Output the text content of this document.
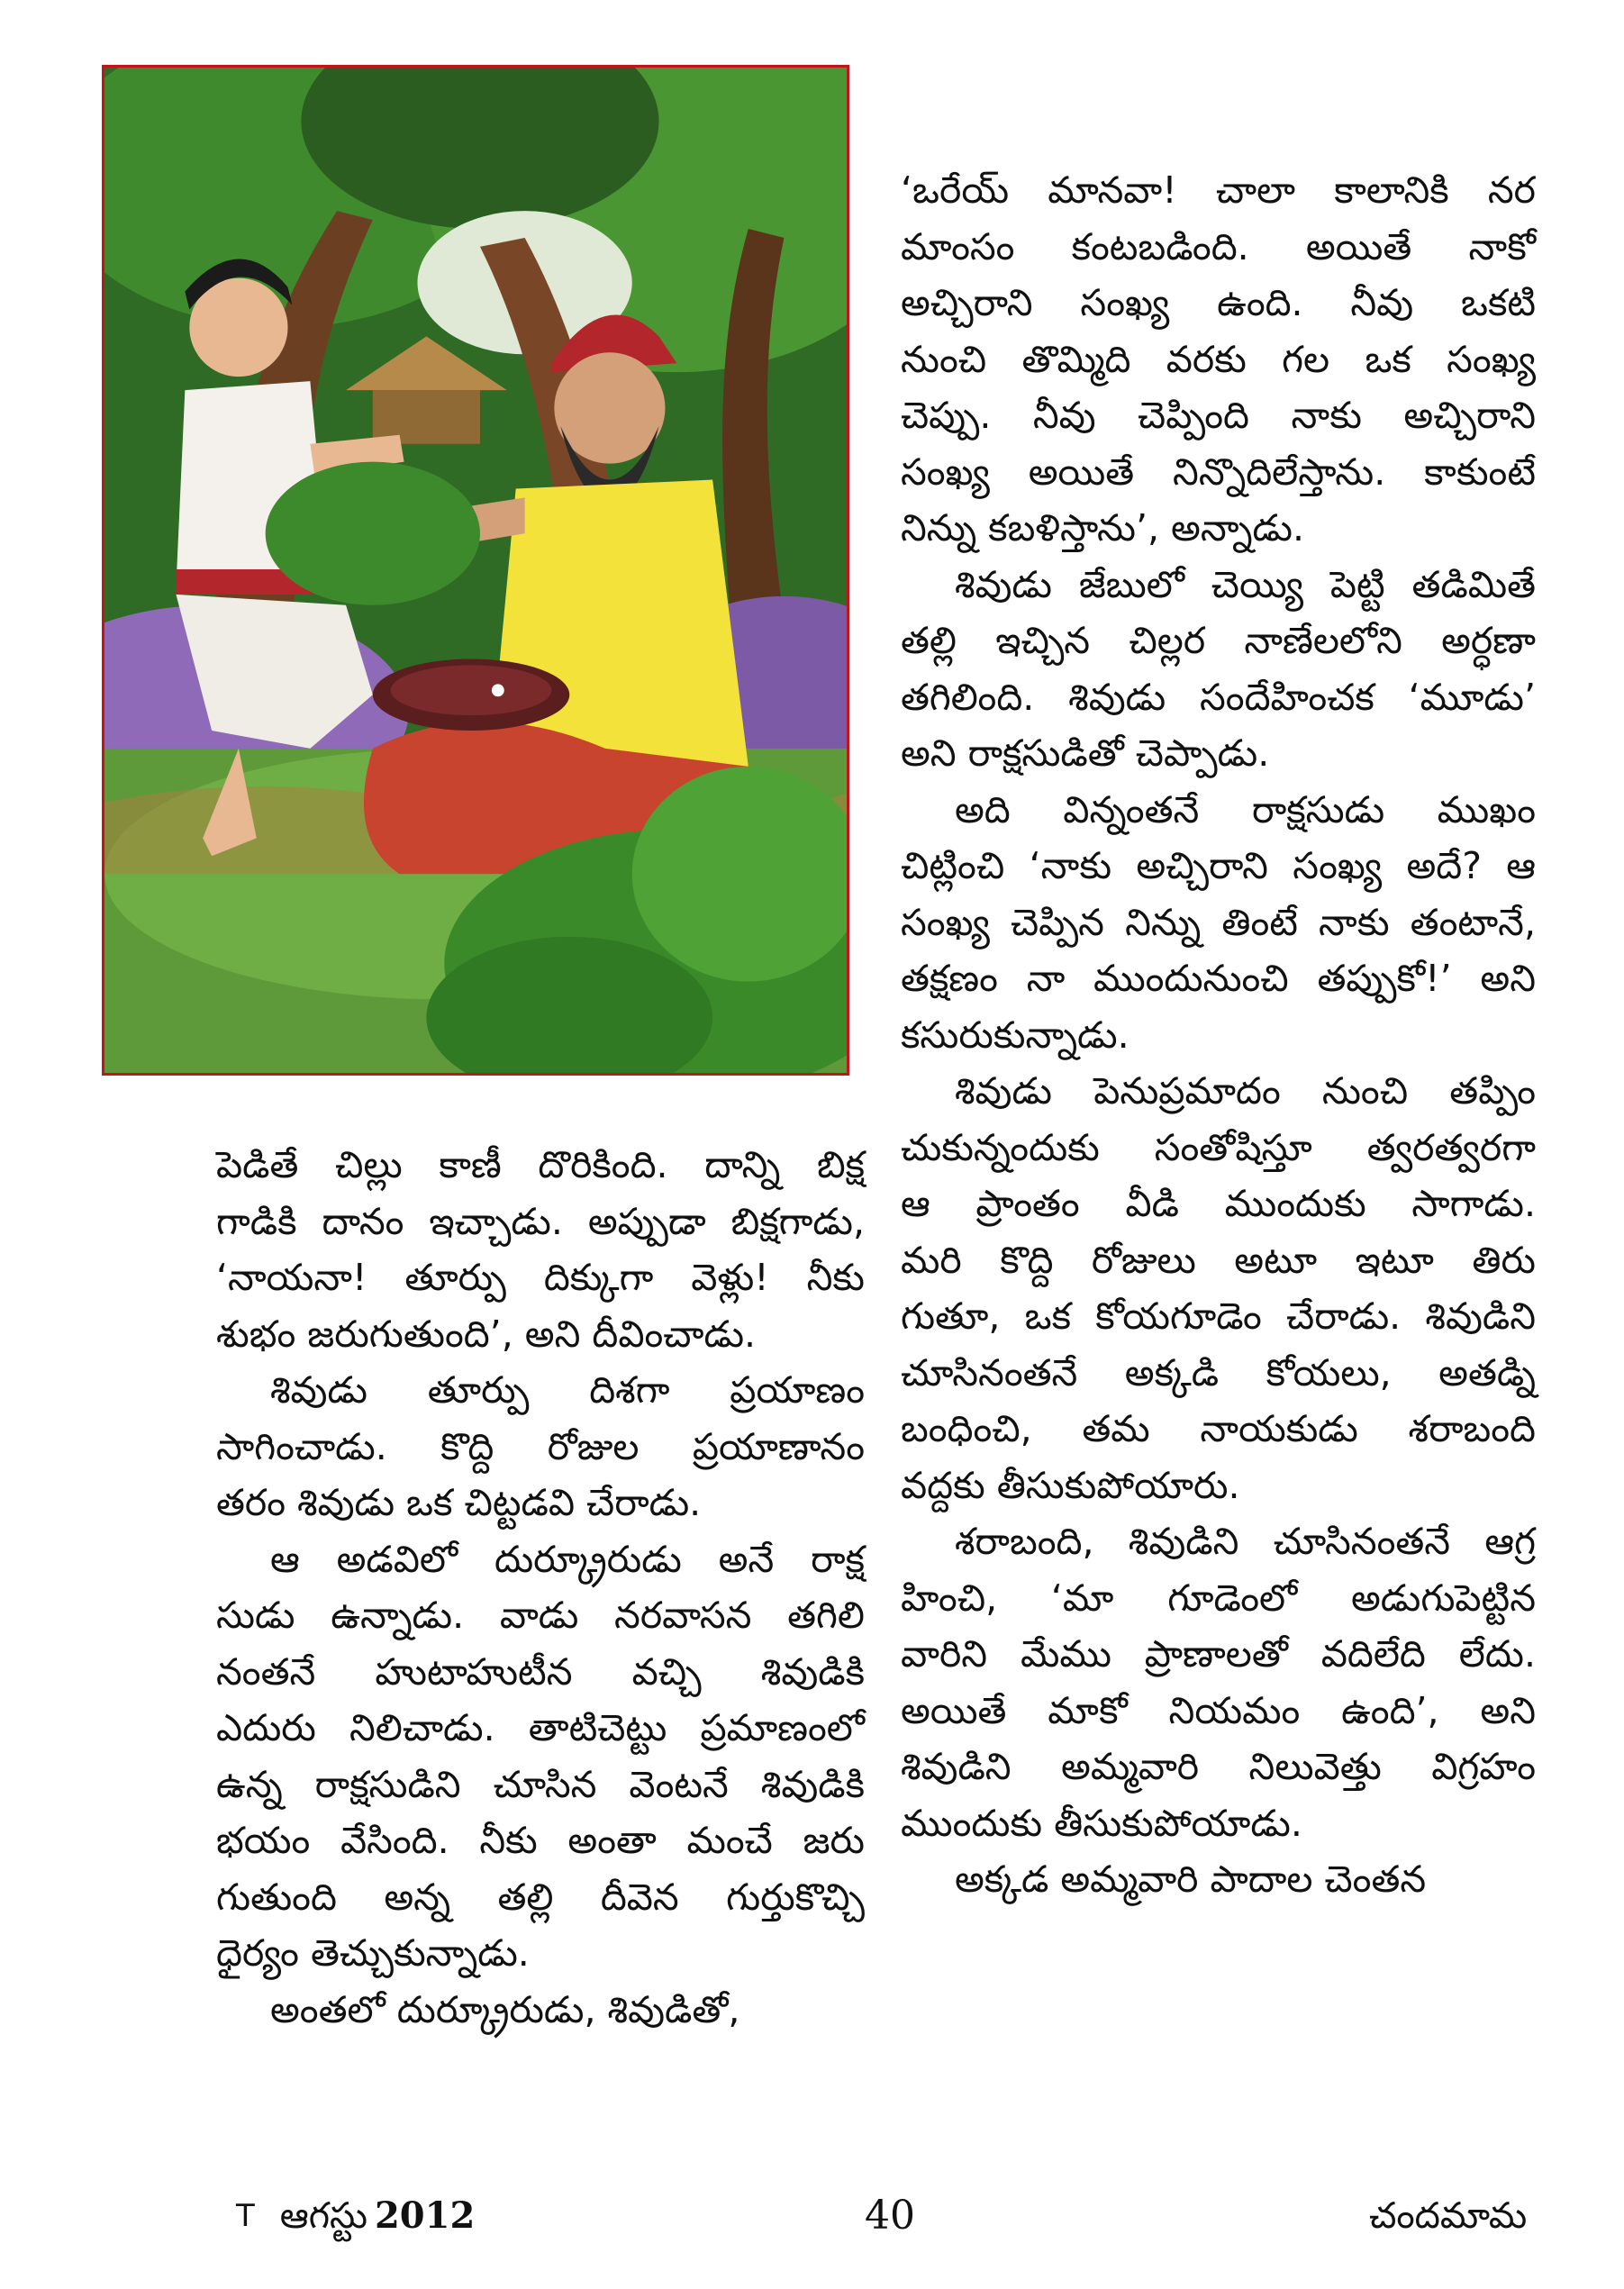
‘ఒరేయ్ మానవా! చాలా కాలానికి నర
మాంసం కంటబడింది. అయితే నాకో
అచ్చిరాని సంఖ్య ఉంది. నీవు ఒకటి
నుంచి తొమ్మిది వరకు గల ఒక సంఖ్య
చెప్పు. నీవు చెప్పింది నాకు అచ్చిరాని
సంఖ్య అయితే నిన్నొదిలేస్తాను. కాకుంటే
నిన్ను కబళిస్తాను’, అన్నాడు.

శివుడు జేబులో చెయ్యి పెట్టి తడిమితే
తల్లి ఇచ్చిన చిల్లర నాణేలలోని అర్ధణా
తగిలింది. శివుడు సందేహించక ‘మూడు’
అని రాక్షసుడితో చెప్పాడు.

అది విన్నంతనే రాక్షసుడు ముఖం
చిట్లించి ‘నాకు అచ్చిరాని సంఖ్య అదే? ఆ
సంఖ్య చెప్పిన నిన్ను తింటే నాకు తంటానే,
తక్షణం నా ముందునుంచి తప్పుకో!’ అని
కసురుకున్నాడు.

శివుడు పెనుప్రమాదం నుంచి తప్పిం
చుకున్నందుకు సంతోషిస్తూ త్వరత్వరగా
ఆ ప్రాంతం వీడి ముందుకు సాగాడు.
మరి కొద్ది రోజులు అటూ ఇటూ తిరు
గుతూ, ఒక కోయగూడెం చేరాడు. శివుడిని
చూసినంతనే అక్కడి కోయలు, అతడ్ని
బంధించి, తమ నాయకుడు శరాబంది
వద్దకు తీసుకుపోయారు.

శరాబంది, శివుడిని చూసినంతనే ఆగ్ర
హించి, ‘మా గూడెంలో అడుగుపెట్టిన
వారిని మేము ప్రాణాలతో వదిలేది లేదు.
అయితే మాకో నియమం ఉంది’, అని
శివుడిని అమ్మవారి నిలువెత్తు విగ్రహం
ముందుకు తీసుకుపోయాడు.

అక్కడ అమ్మవారి పాదాల చెంతన

పెడితే చిల్లు కాణీ దొరికింది. దాన్ని బిక్ష
గాడికి దానం ఇచ్చాడు. అప్పుడా బిక్షగాడు,
‘నాయనా! తూర్పు దిక్కుగా వెళ్లు! నీకు
శుభం జరుగుతుంది’, అని దీవించాడు.

శివుడు తూర్పు దిశగా ప్రయాణం
సాగించాడు. కొద్ది రోజుల ప్రయాణానం
తరం శివుడు ఒక చిట్టడవి చేరాడు.

ఆ అడవిలో దుర్క్రూరుడు అనే రాక్ష
సుడు ఉన్నాడు. వాడు నరవాసన తగిలి
నంతనే హుటాహుటీన వచ్చి శివుడికి
ఎదురు నిలిచాడు. తాటిచెట్టు ప్రమాణంలో
ఉన్న రాక్షసుడిని చూసిన వెంటనే శివుడికి
భయం వేసింది. నీకు అంతా మంచే జరు
గుతుంది అన్న తల్లి దీవెన గుర్తుకొచ్చి
ధైర్యం తెచ్చుకున్నాడు.

అంతలో దుర్క్రూరుడు, శివుడితో,

$^T$ ఆగస్టు 2012	40	చందమామ
